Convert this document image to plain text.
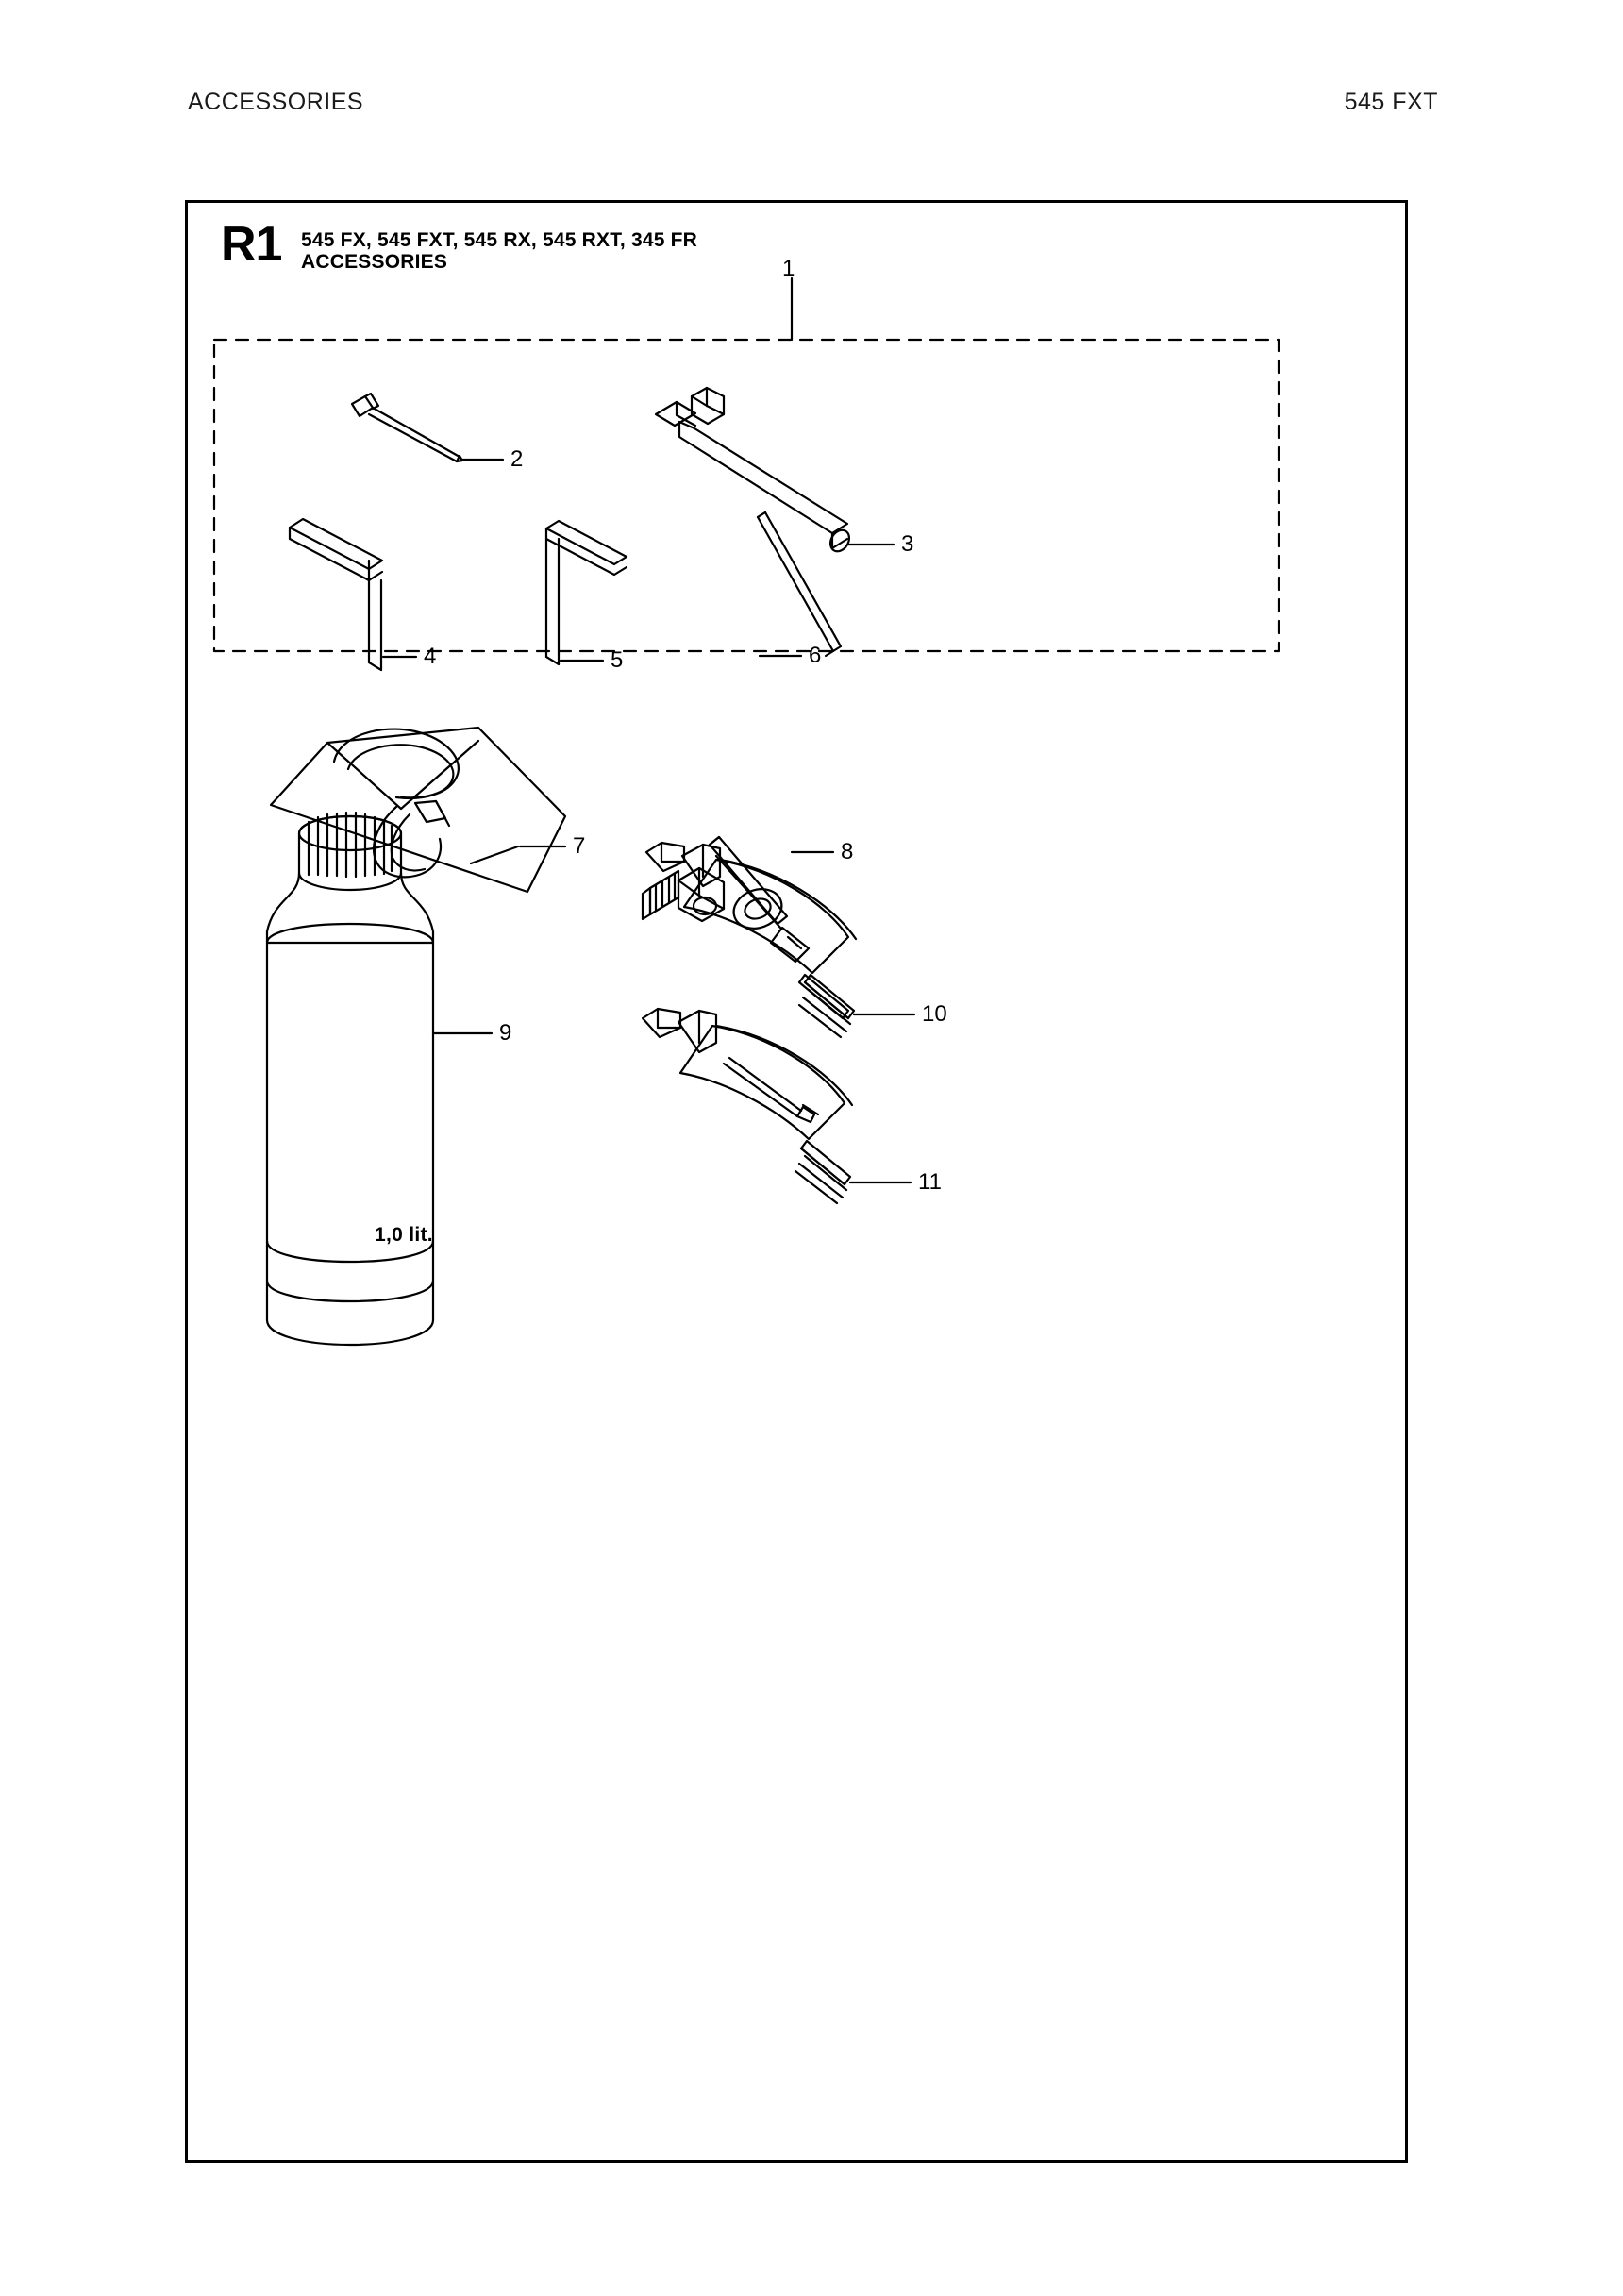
ACCESSORIES	545 FXT
R1 545 FX, 545 FXT, 545 RX, 545 RXT, 345 FR
ACCESSORIES
1,0 lit.
1
2
3
4	5	6
7	8
9
10
11
